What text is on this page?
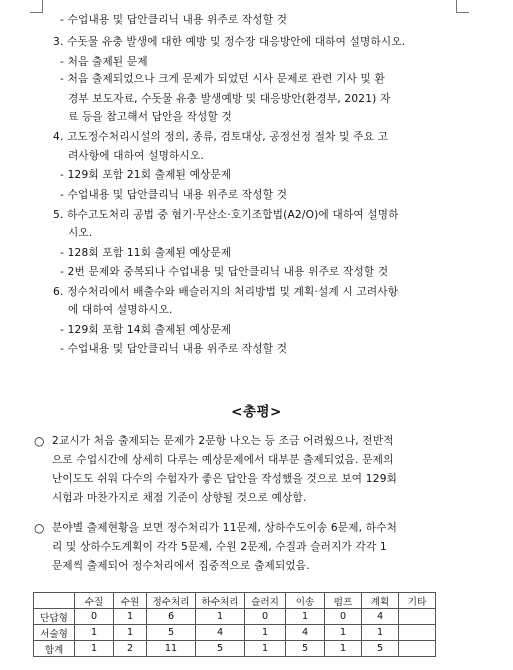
- 수업내용 및 답안클리닉 내용 위주로 작성할 것
3. 수돗물 유충 발생에 대한 예방 및 정수장 대응방안에 대하여 설명하시오.
- 처음 출제된 문제
- 처음 출제되었으나 크게 문제가 되었던 시사 문제로 관련 기사 및 환
경부 보도자료, 수돗물 유충 발생예방 및 대응방안(환경부, 2021) 자
료 등을 참고해서 답안을 작성할 것
4. 고도정수처리시설의 정의, 종류, 검토대상, 공정선정 절차 및 주요 고
려사항에 대하여 설명하시오.
- 129회 포함 21회 출제된 예상문제
- 수업내용 및 답안클리닉 내용 위주로 작성할 것
5. 하수고도처리 공법 중 혐기·무산소·호기조합법(A2/O)에 대하여 설명하
시오.
- 128회 포함 11회 출제된 예상문제
- 2번 문제와 중복되나 수업내용 및 답안클리닉 내용 위주로 작성할 것
6. 정수처리에서 배출수와 배슬러지의 처리방법 및 계획·설계 시 고려사항
에 대하여 설명하시오.
- 129회 포함 14회 출제된 예상문제
- 수업내용 및 답안클리닉 내용 위주로 작성할 것
<총평>
○ 2교시가 처음 출제되는 문제가 2문항 나오는 등 조금 어려웠으나, 전반적
으로 수업시간에 상세히 다루는 예상문제에서 대부분 출제되었음. 문제의
난이도도 쉬워 다수의 수험자가 좋은 답안을 작성했을 것으로 보여 129회
시험과 마찬가지로 채점 기준이 상향될 것으로 예상함.
○ 분야별 출제현황을 보면 정수처리가 11문제, 상하수도이송 6문제, 하수처
리 및 상하수도계획이 각각 5문제, 수원 2문제, 수질과 슬러지가 각각 1
문제씩 출제되어 정수처리에서 집중적으로 출제되었음.
	수질	수원	정수처리	하수처리	슬러지	이송	펌프	계획	기타
단답형	0	1	6	1	0	1	0	4	
서술형	1	1	5	4	1	4	1	1	
합계	1	2	11	5	1	5	1	5	
